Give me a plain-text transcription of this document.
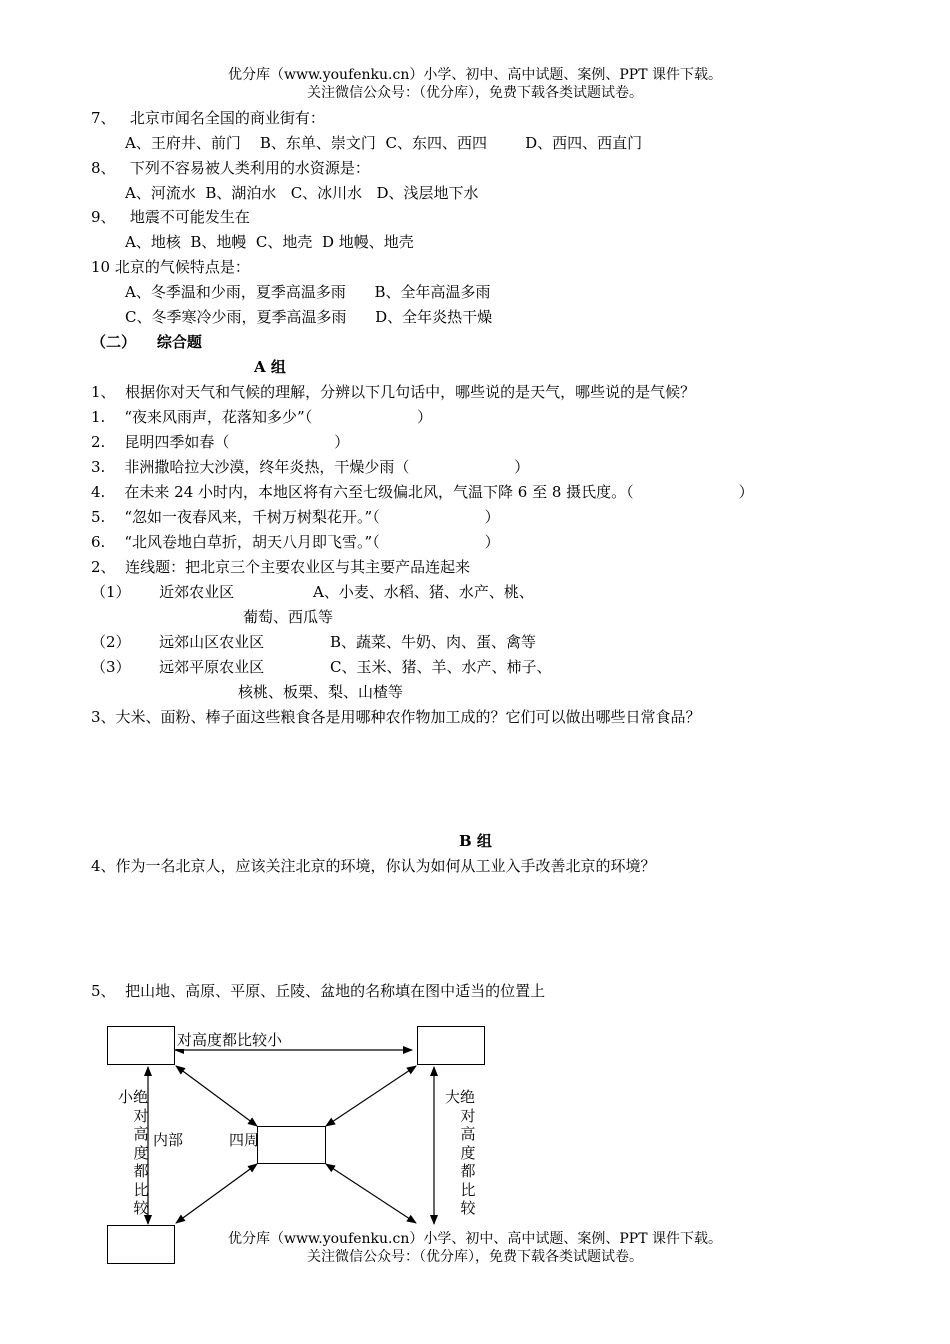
优分库（www.youfenku.cn）小学、初中、高中试题、案例、PPT 课件下载。
关注微信公众号：（优分库），免费下载各类试题试卷。
7、 北京市闻名全国的商业街有：
A、王府井、前门    B、东单、崇文门  C、东四、西四        D、西四、西直门
8、 下列不容易被人类利用的水资源是：
A、河流水  B、湖泊水   C、冰川水   D、浅层地下水
9、 地震不可能发生在
A、地核  B、地幔  C、地壳  D 地幔、地壳
10 北京的气候特点是：
A、冬季温和少雨，夏季高温多雨      B、全年高温多雨
C、冬季寒冷少雨，夏季高温多雨      D、全年炎热干燥
（二）    综合题
A 组
1、  根据你对天气和气候的理解，分辨以下几句话中，哪些说的是天气，哪些说的是气候？
1.    “夜来风雨声，花落知多少”（                      ）
2.    昆明四季如春（                      ）
3.    非洲撒哈拉大沙漠，终年炎热，干燥少雨（                      ）
4.    在未来 24 小时内，本地区将有六至七级偏北风，气温下降 6 至 8 摄氏度。（                      ）
5.    “忽如一夜春风来，千树万树梨花开。”（                      ）
6.    “北风卷地白草折，胡天八月即飞雪。”（                      ）
2、  连线题：把北京三个主要农业区与其主要产品连起来
（1）      近郊农业区	A、小麦、水稻、猪、水产、桃、
葡萄、西瓜等
（2）      远郊山区农业区	B、蔬菜、牛奶、肉、蛋、禽等
（3）      远郊平原农业区	C、玉米、猪、羊、水产、柿子、
核桃、板栗、梨、山楂等
3、大米、面粉、棒子面这些粮食各是用哪种农作物加工成的？它们可以做出哪些日常食品？
B 组
4、作为一名北京人，应该关注北京的环境，你认为如何从工业入手改善北京的环境？
5、  把山地、高原、平原、丘陵、盆地的名称填在图中适当的位置上
对高度都比较小
小绝
对
高
度
都
比
较
大绝
对
高
度
都
比
较
内部	四周
优分库（www.youfenku.cn）小学、初中、高中试题、案例、PPT 课件下载。
关注微信公众号：（优分库），免费下载各类试题试卷。
